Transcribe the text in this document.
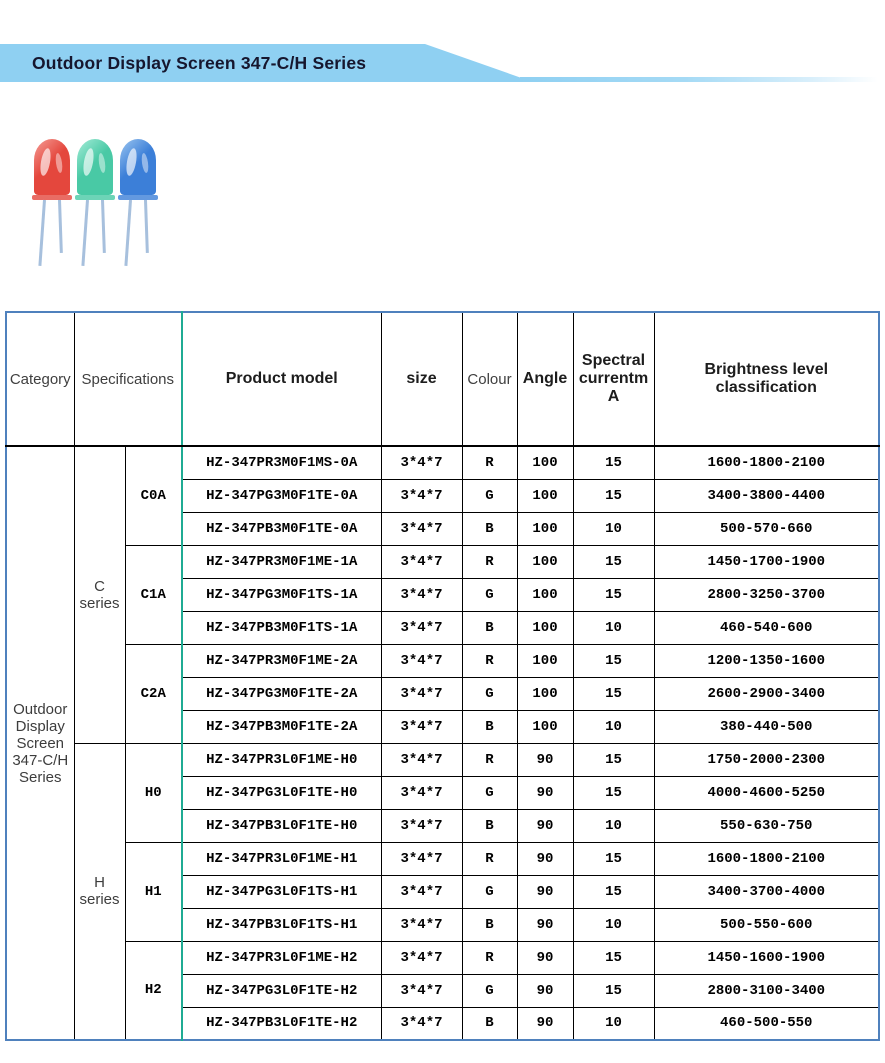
Outdoor Display Screen 347-C/H Series
Category	Specifications		Product model	size	Colour	Angle	Spectral currentmA	Brightness level classification
Outdoor Display Screen 347-C/H Series	C series	C0A	HZ-347PR3M0F1MS-0A	3*4*7	R	100	15	1600-1800-2100
			HZ-347PG3M0F1TE-0A	3*4*7	G	100	15	3400-3800-4400
			HZ-347PB3M0F1TE-0A	3*4*7	B	100	10	500-570-660
		C1A	HZ-347PR3M0F1ME-1A	3*4*7	R	100	15	1450-1700-1900
			HZ-347PG3M0F1TS-1A	3*4*7	G	100	15	2800-3250-3700
			HZ-347PB3M0F1TS-1A	3*4*7	B	100	10	460-540-600
		C2A	HZ-347PR3M0F1ME-2A	3*4*7	R	100	15	1200-1350-1600
			HZ-347PG3M0F1TE-2A	3*4*7	G	100	15	2600-2900-3400
			HZ-347PB3M0F1TE-2A	3*4*7	B	100	10	380-440-500
	H series	H0	HZ-347PR3L0F1ME-H0	3*4*7	R	90	15	1750-2000-2300
			HZ-347PG3L0F1TE-H0	3*4*7	G	90	15	4000-4600-5250
			HZ-347PB3L0F1TE-H0	3*4*7	B	90	10	550-630-750
		H1	HZ-347PR3L0F1ME-H1	3*4*7	R	90	15	1600-1800-2100
			HZ-347PG3L0F1TS-H1	3*4*7	G	90	15	3400-3700-4000
			HZ-347PB3L0F1TS-H1	3*4*7	B	90	10	500-550-600
		H2	HZ-347PR3L0F1ME-H2	3*4*7	R	90	15	1450-1600-1900
			HZ-347PG3L0F1TE-H2	3*4*7	G	90	15	2800-3100-3400
			HZ-347PB3L0F1TE-H2	3*4*7	B	90	10	460-500-550
